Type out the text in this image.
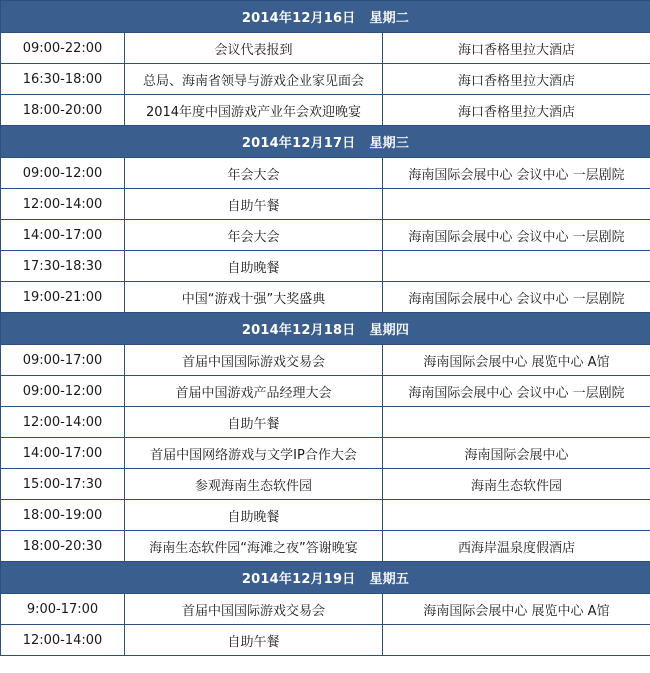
2014年12月16日 星期二		
09:00-22:00	会议代表报到	海口香格里拉大酒店
16:30-18:00	总局、海南省领导与游戏企业家见面会	海口香格里拉大酒店
18:00-20:00	2014年度中国游戏产业年会欢迎晚宴	海口香格里拉大酒店
2014年12月17日 星期三		
09:00-12:00	年会大会	海南国际会展中心 会议中心 一层剧院
12:00-14:00	自助午餐	
14:00-17:00	年会大会	海南国际会展中心 会议中心 一层剧院
17:30-18:30	自助晚餐	
19:00-21:00	中国“游戏十强”大奖盛典	海南国际会展中心 会议中心 一层剧院
2014年12月18日 星期四		
09:00-17:00	首届中国国际游戏交易会	海南国际会展中心 展览中心 A馆
09:00-12:00	首届中国游戏产品经理大会	海南国际会展中心 会议中心 一层剧院
12:00-14:00	自助午餐	
14:00-17:00	首届中国网络游戏与文学IP合作大会	海南国际会展中心
15:00-17:30	参观海南生态软件园	海南生态软件园
18:00-19:00	自助晚餐	
18:00-20:30	海南生态软件园“海滩之夜”答谢晚宴	西海岸温泉度假酒店
2014年12月19日 星期五		
9:00-17:00	首届中国国际游戏交易会	海南国际会展中心 展览中心 A馆
12:00-14:00	自助午餐	
